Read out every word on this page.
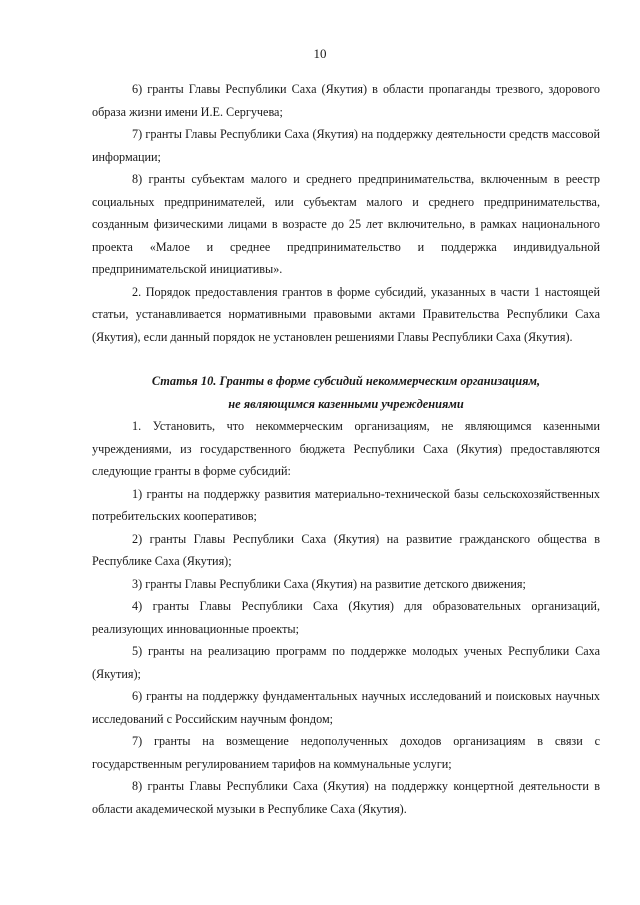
10

6) гранты Главы Республики Саха (Якутия) в области пропаганды трезвого, здорового образа жизни имени И.Е. Сергучева;

7) гранты Главы Республики Саха (Якутия) на поддержку деятельности средств массовой информации;

8) гранты субъектам малого и среднего предпринимательства, включенным в реестр социальных предпринимателей, или субъектам малого и среднего предпринимательства, созданным физическими лицами в возрасте до 25 лет включительно, в рамках национального проекта «Малое и среднее предпринимательство и поддержка индивидуальной предпринимательской инициативы».

2. Порядок предоставления грантов в форме субсидий, указанных в части 1 настоящей статьи, устанавливается нормативными правовыми актами Правительства Республики Саха (Якутия), если данный порядок не установлен решениями Главы Республики Саха (Якутия).

Статья 10. Гранты в форме субсидий некоммерческим организациям,

не являющимся казенными учреждениями

1. Установить, что некоммерческим организациям, не являющимся казенными учреждениями, из государственного бюджета Республики Саха (Якутия) предоставляются следующие гранты в форме субсидий:

1) гранты на поддержку развития материально-технической базы сельскохозяйственных потребительских кооперативов;

2) гранты Главы Республики Саха (Якутия) на развитие гражданского общества в Республике Саха (Якутия);

3) гранты Главы Республики Саха (Якутия) на развитие детского движения;

4) гранты Главы Республики Саха (Якутия) для образовательных организаций, реализующих инновационные проекты;

5) гранты на реализацию программ по поддержке молодых ученых Республики Саха (Якутия);

6) гранты на поддержку фундаментальных научных исследований и поисковых научных исследований с Российским научным фондом;

7) гранты на возмещение недополученных доходов организациям в связи с государственным регулированием тарифов на коммунальные услуги;

8) гранты Главы Республики Саха (Якутия) на поддержку концертной деятельности в области академической музыки в Республике Саха (Якутия).
